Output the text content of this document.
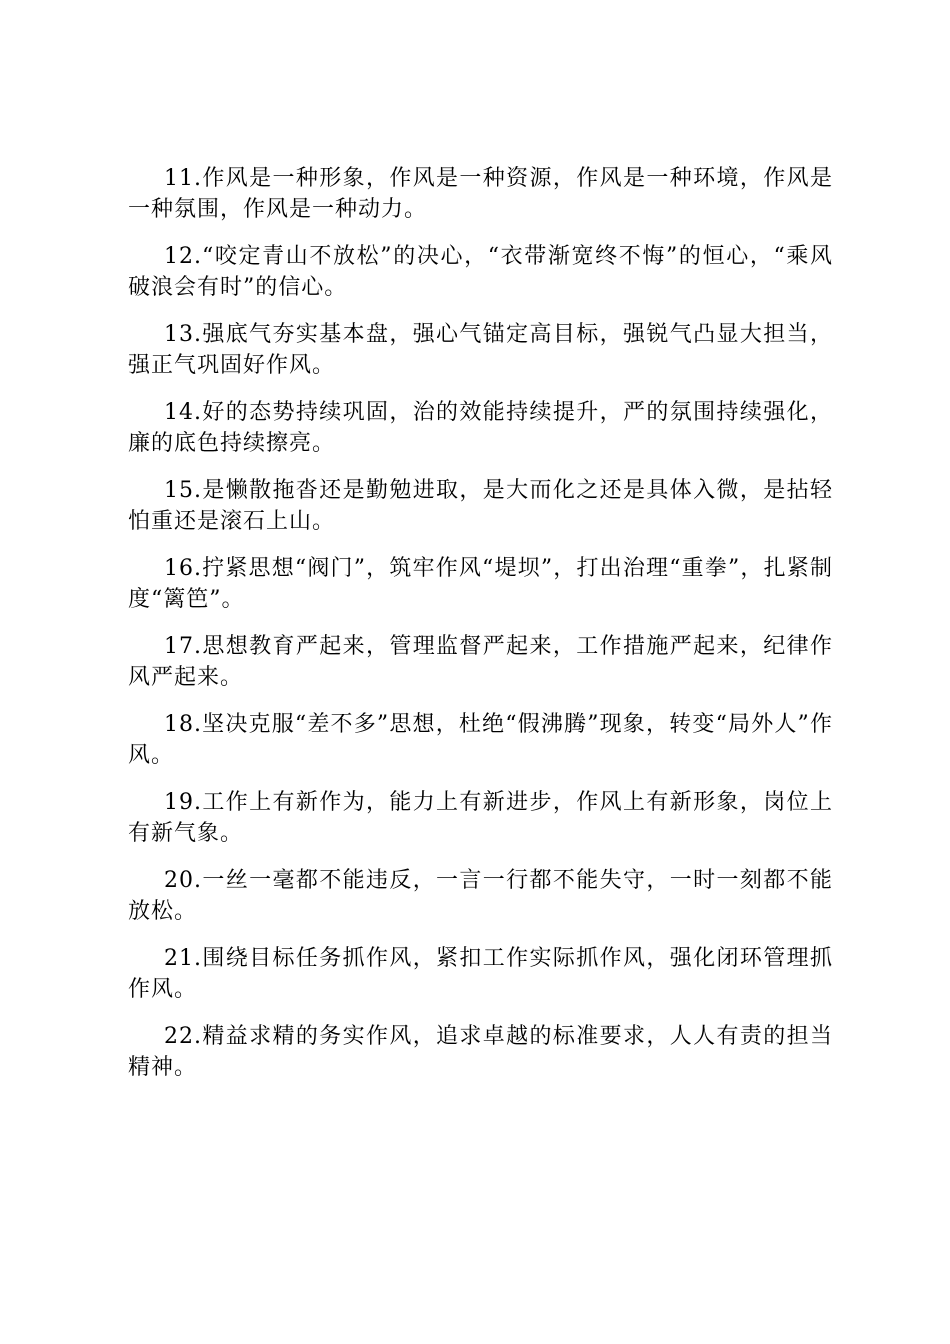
11.作风是一种形象，作风是一种资源，作风是一种环境，作风是一种氛围，作风是一种动力。

12.“咬定青山不放松”的决心，“衣带渐宽终不悔”的恒心，“乘风破浪会有时”的信心。

13.强底气夯实基本盘，强心气锚定高目标，强锐气凸显大担当，强正气巩固好作风。

14.好的态势持续巩固，治的效能持续提升，严的氛围持续强化，廉的底色持续擦亮。

15.是懒散拖沓还是勤勉进取，是大而化之还是具体入微，是拈轻怕重还是滚石上山。

16.拧紧思想“阀门”，筑牢作风“堤坝”，打出治理“重拳”，扎紧制度“篱笆”。

17.思想教育严起来，管理监督严起来，工作措施严起来，纪律作风严起来。

18.坚决克服“差不多”思想，杜绝“假沸腾”现象，转变“局外人”作风。

19.工作上有新作为，能力上有新进步，作风上有新形象，岗位上有新气象。

20.一丝一毫都不能违反，一言一行都不能失守，一时一刻都不能放松。

21.围绕目标任务抓作风，紧扣工作实际抓作风，强化闭环管理抓作风。

22.精益求精的务实作风，追求卓越的标准要求，人人有责的担当精神。
